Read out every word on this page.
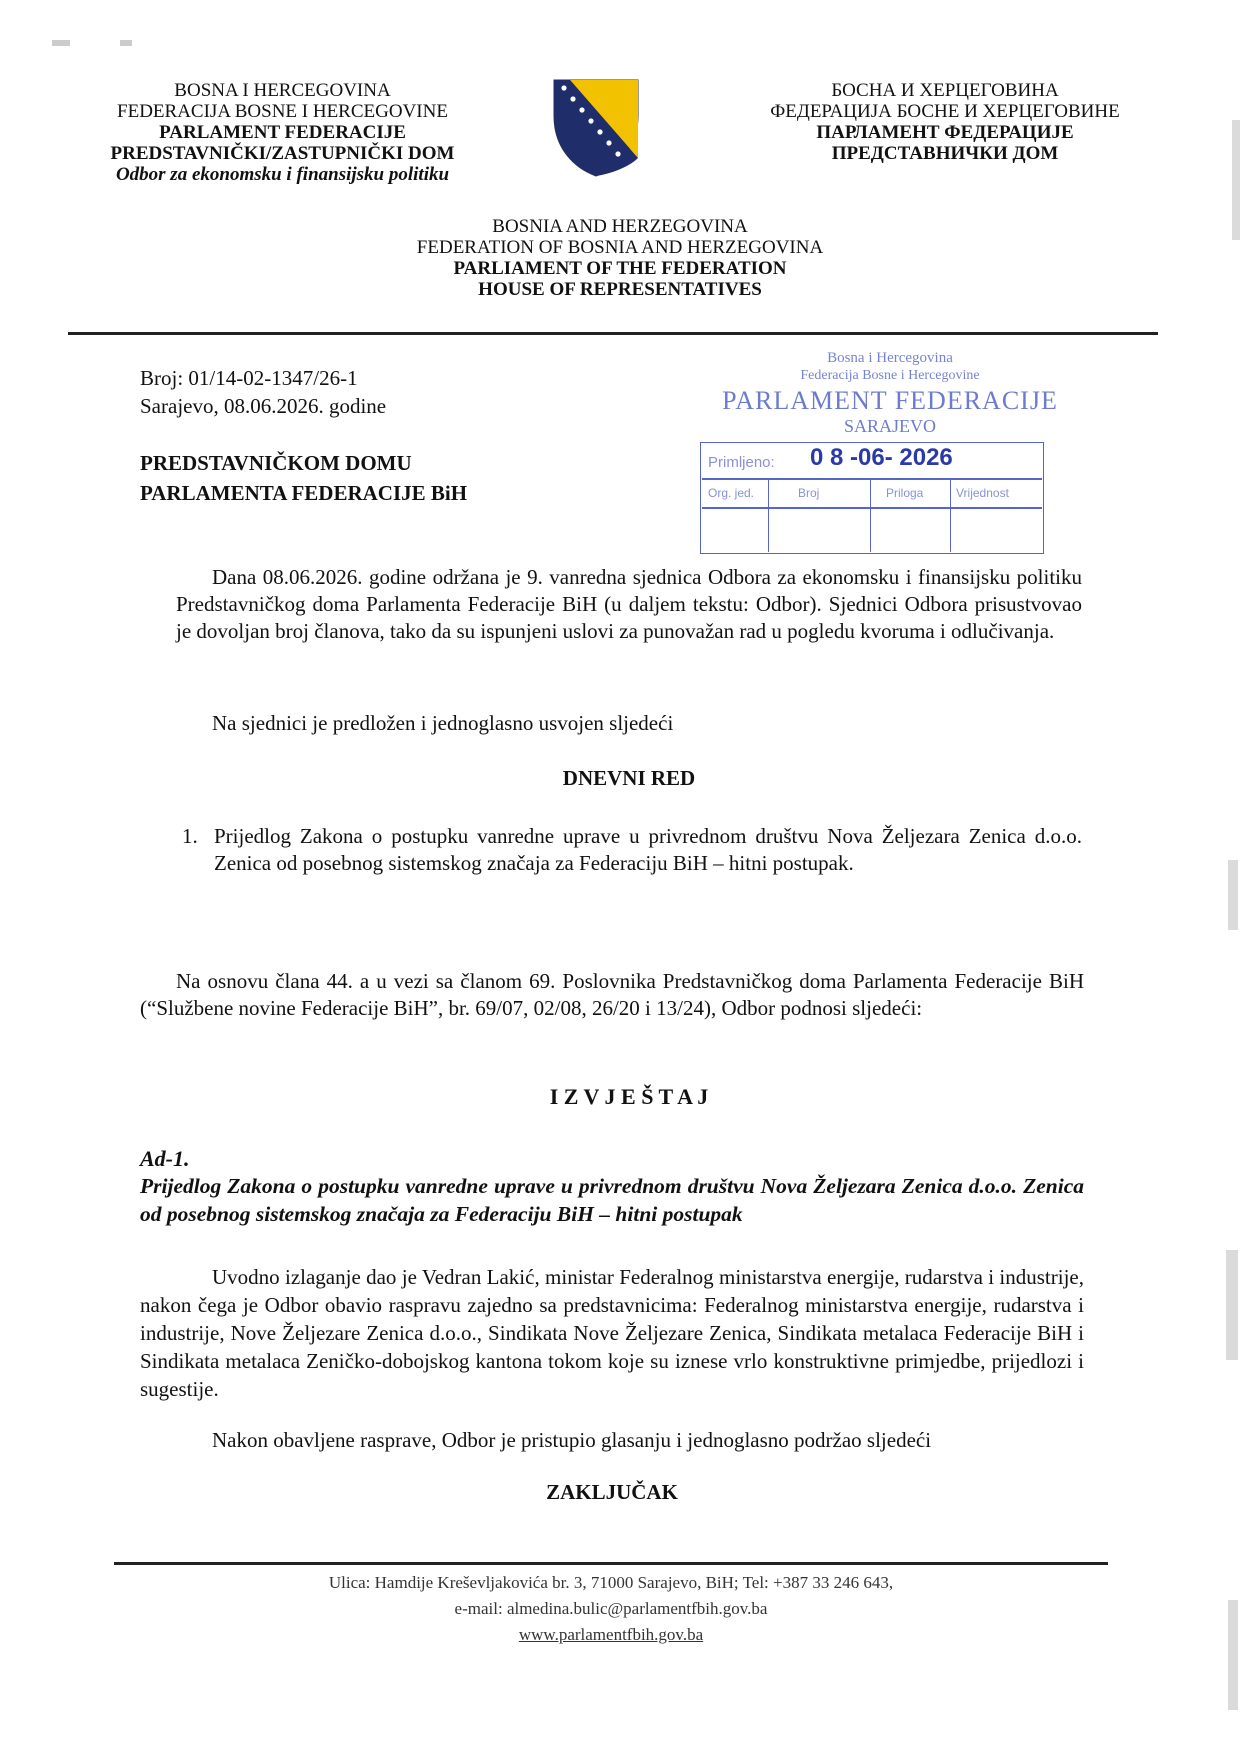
BOSNA I HERCEGOVINA
FEDERACIJA BOSNE I HERCEGOVINE
PARLAMENT FEDERACIJE
PREDSTAVNIČKI/ZASTUPNIČKI DOM
Odbor za ekonomsku i finansijsku politiku
БОСНА И ХЕРЦЕГОВИНА
ФЕДЕРАЦИЈА БОСНЕ И ХЕРЦЕГОВИНЕ
ПАРЛАМЕНТ ФЕДЕРАЦИЈЕ
ПРЕДСТАВНИЧКИ ДОМ
BOSNIA AND HERZEGOVINA
FEDERATION OF BOSNIA AND HERZEGOVINA
PARLIAMENT OF THE FEDERATION
HOUSE OF REPRESENTATIVES
Broj: 01/14-02-1347/26-1
Sarajevo, 08.06.2026. godine
PREDSTAVNIČKOM DOMU
PARLAMENTA FEDERACIJE BiH
Bosna i Hercegovina
Federacija Bosne i Hercegovine
PARLAMENT FEDERACIJE
SARAJEVO
Primljeno: 0 8 -06- 2026
Org. jed.	Broj	Priloga	Vrijednost
Dana 08.06.2026. godine održana je 9. vanredna sjednica Odbora za ekonomsku i finansijsku politiku Predstavničkog doma Parlamenta Federacije BiH (u daljem tekstu: Odbor). Sjednici Odbora prisustvovao je dovoljan broj članova, tako da su ispunjeni uslovi za punovažan rad u pogledu kvoruma i odlučivanja.
Na sjednici je predložen i jednoglasno usvojen sljedeći
DNEVNI RED
1. Prijedlog Zakona o postupku vanredne uprave u privrednom društvu Nova Željezara Zenica d.o.o. Zenica od posebnog sistemskog značaja za Federaciju BiH – hitni postupak.
Na osnovu člana 44. a u vezi sa članom 69. Poslovnika Predstavničkog doma Parlamenta Federacije BiH (“Službene novine Federacije BiH”, br. 69/07, 02/08, 26/20 i 13/24), Odbor podnosi sljedeći:
I Z V J E Š T A J
Ad-1.
Prijedlog Zakona o postupku vanredne uprave u privrednom društvu Nova Željezara Zenica d.o.o. Zenica od posebnog sistemskog značaja za Federaciju BiH – hitni postupak
Uvodno izlaganje dao je Vedran Lakić, ministar Federalnog ministarstva energije, rudarstva i industrije, nakon čega je Odbor obavio raspravu zajedno sa predstavnicima: Federalnog ministarstva energije, rudarstva i industrije, Nove Željezare Zenica d.o.o., Sindikata Nove Željezare Zenica, Sindikata metalaca Federacije BiH i Sindikata metalaca Zeničko-dobojskog kantona tokom koje su iznese vrlo konstruktivne primjedbe, prijedlozi i sugestije.
Nakon obavljene rasprave, Odbor je pristupio glasanju i jednoglasno podržao sljedeći
ZAKLJUČAK
Ulica: Hamdije Kreševljakovića br. 3, 71000 Sarajevo, BiH; Tel: +387 33 246 643,
e-mail: almedina.bulic@parlamentfbih.gov.ba
www.parlamentfbih.gov.ba
